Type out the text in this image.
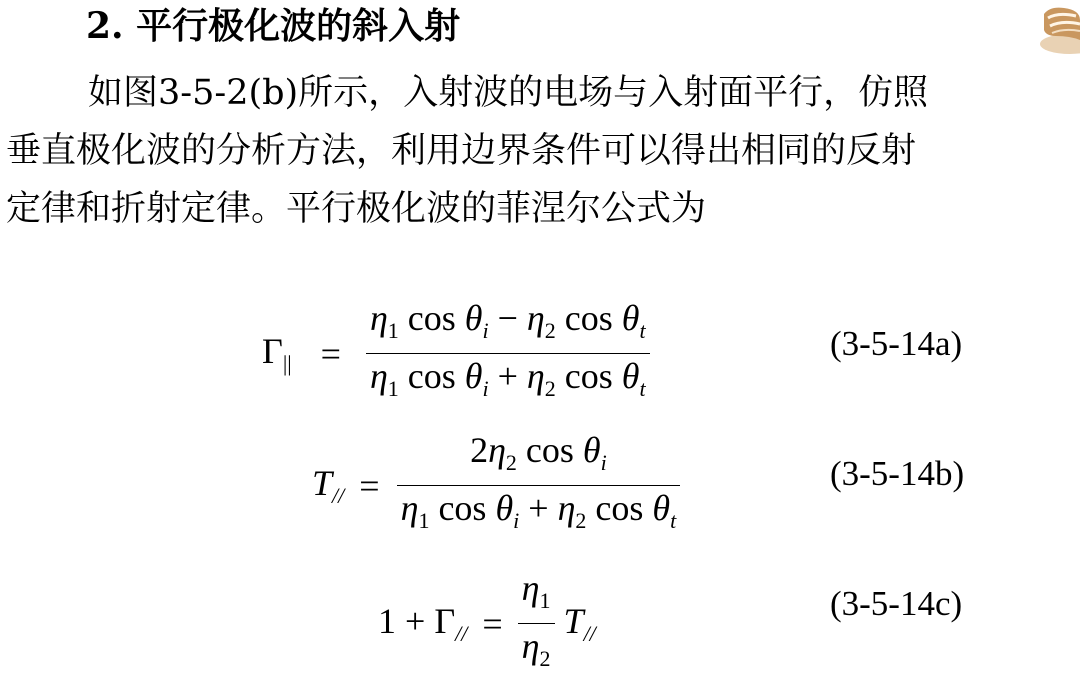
2. 平行极化波的斜入射
如图3-5-2(b)所示，入射波的电场与入射面平行，仿照
垂直极化波的分析方法，利用边界条件可以得出相同的反射
定律和折射定律。平行极化波的菲涅尔公式为
$\Gamma_{||} = \frac{\eta_1 \cos \theta_i - \eta_2 \cos \theta_t}{\eta_1 \cos \theta_i + \eta_2 \cos \theta_t}$	(3-5-14a)
$T_{//} = \frac{2\eta_2 \cos \theta_i}{\eta_1 \cos \theta_i + \eta_2 \cos \theta_t}$	(3-5-14b)
$1 + \Gamma_{//} = \frac{\eta_1}{\eta_2} T_{//}$
(3-5-14c)
